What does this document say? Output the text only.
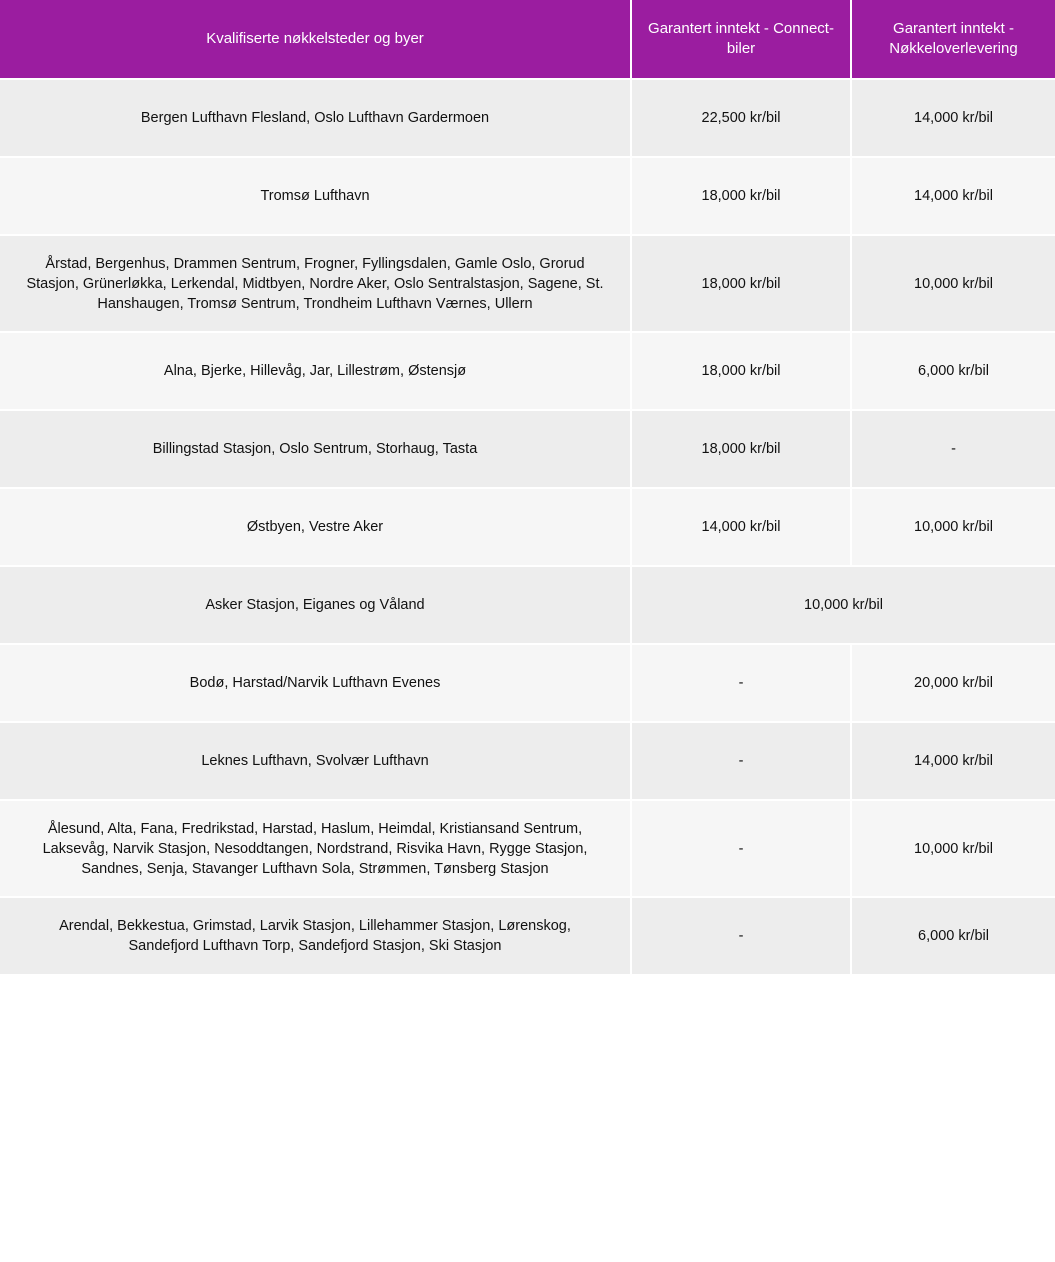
Kvalifiserte nøkkelsteder og byer	Garantert inntekt - Connect-biler	Garantert inntekt - Nøkkeloverlevering
Bergen Lufthavn Flesland, Oslo Lufthavn Gardermoen	22,500 kr/bil	14,000 kr/bil
Tromsø Lufthavn	18,000 kr/bil	14,000 kr/bil
Årstad, Bergenhus, Drammen Sentrum, Frogner, Fyllingsdalen, Gamle Oslo, Grorud Stasjon, Grünerløkka, Lerkendal, Midtbyen, Nordre Aker, Oslo Sentralstasjon, Sagene, St. Hanshaugen, Tromsø Sentrum, Trondheim Lufthavn Værnes, Ullern	18,000 kr/bil	10,000 kr/bil
Alna, Bjerke, Hillevåg, Jar, Lillestrøm, Østensjø	18,000 kr/bil	6,000 kr/bil
Billingstad Stasjon, Oslo Sentrum, Storhaug, Tasta	18,000 kr/bil	-
Østbyen, Vestre Aker	14,000 kr/bil	10,000 kr/bil
Asker Stasjon, Eiganes og Våland	10,000 kr/bil	
Bodø, Harstad/Narvik Lufthavn Evenes	-	20,000 kr/bil
Leknes Lufthavn, Svolvær Lufthavn	-	14,000 kr/bil
Ålesund, Alta, Fana, Fredrikstad, Harstad, Haslum, Heimdal, Kristiansand Sentrum, Laksevåg, Narvik Stasjon, Nesoddtangen, Nordstrand, Risvika Havn, Rygge Stasjon, Sandnes, Senja, Stavanger Lufthavn Sola, Strømmen, Tønsberg Stasjon	-	10,000 kr/bil
Arendal, Bekkestua, Grimstad, Larvik Stasjon, Lillehammer Stasjon, Lørenskog, Sandefjord Lufthavn Torp, Sandefjord Stasjon, Ski Stasjon	-	6,000 kr/bil
